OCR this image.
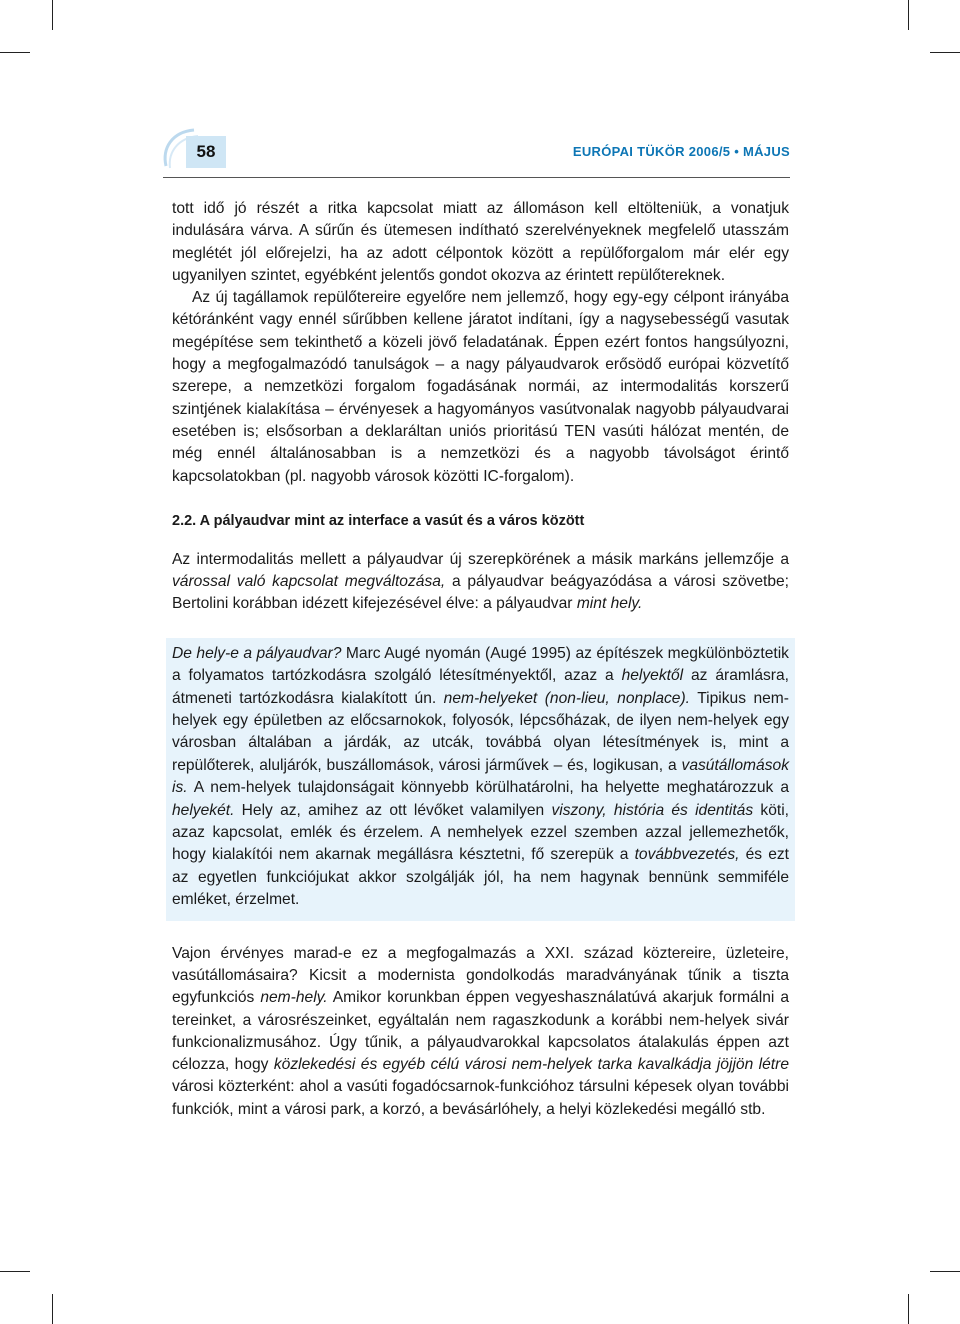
58	EURÓPAI TÜKÖR 2006/5 • MÁJUS

tott idő jó részét a ritka kapcsolat miatt az állomáson kell eltölteniük, a vonatjuk indulására várva. A sűrűn és ütemesen indítható szerelvényeknek megfelelő utasszám meglétét jól előrejelzi, ha az adott célpontok között a repülőforgalom már elér egy ugyanilyen szintet, egyébként jelentős gondot okozva az érintett repülőtereknek.

Az új tagállamok repülőtereire egyelőre nem jellemző, hogy egy-egy célpont irányába kétóránként vagy ennél sűrűbben kellene járatot indítani, így a nagysebességű vasutak megépítése sem tekinthető a közeli jövő feladatának. Éppen ezért fontos hangsúlyozni, hogy a megfogalmazódó tanulságok – a nagy pályaudvarok erősödő európai közvetítő szerepe, a nemzetközi forgalom fogadásának normái, az intermodalitás korszerű szintjének kialakítása – érvényesek a hagyományos vasútvonalak nagyobb pályaudvarai esetében is; elsősorban a deklaráltan uniós prioritású TEN vasúti hálózat mentén, de még ennél általánosabban is a nemzetközi és a nagyobb távolságot érintő kapcsolatokban (pl. nagyobb városok közötti IC-forgalom).

2.2. A pályaudvar mint az interface a vasút és a város között

Az intermodalitás mellett a pályaudvar új szerepkörének a másik markáns jellemzője a várossal való kapcsolat megváltozása, a pályaudvar beágyazódása a városi szövetbe; Bertolini korábban idézett kifejezésével élve: a pályaudvar mint hely.

De hely-e a pályaudvar? Marc Augé nyomán (Augé 1995) az építészek megkülönböztetik a folyamatos tartózkodásra szolgáló létesítményektől, azaz a helyektől az áramlásra, átmeneti tartózkodásra kialakított ún. nem-helyeket (non-lieu, nonplace). Tipikus nem-helyek egy épületben az előcsarnokok, folyosók, lépcsőházak, de ilyen nem-helyek egy városban általában a járdák, az utcák, továbbá olyan létesítmények is, mint a repülőterek, aluljárók, buszállomások, városi járművek – és, logikusan, a vasútállomások is. A nem-helyek tulajdonságait könnyebb körülhatárolni, ha helyette meghatározzuk a helyekét. Hely az, amihez az ott lévőket valamilyen viszony, história és identitás köti, azaz kapcsolat, emlék és érzelem. A nemhelyek ezzel szemben azzal jellemezhetők, hogy kialakítói nem akarnak megállásra késztetni, fő szerepük a továbbvezetés, és ezt az egyetlen funkciójukat akkor szolgálják jól, ha nem hagynak bennünk semmiféle emléket, érzelmet.

Vajon érvényes marad-e ez a megfogalmazás a XXI. század köztereire, üzleteire, vasútállomásaira? Kicsit a modernista gondolkodás maradványának tűnik a tiszta egyfunkciós nem-hely. Amikor korunkban éppen vegyeshasználatúvá akarjuk formálni a tereinket, a városrészeinket, egyáltalán nem ragaszkodunk a korábbi nem-helyek sivár funkcionalizmusához. Úgy tűnik, a pályaudvarokkal kapcsolatos átalakulás éppen azt célozza, hogy közlekedési és egyéb célú városi nem-helyek tarka kavalkádja jöjjön létre városi közterként: ahol a vasúti fogadócsarnok-funkcióhoz társulni képesek olyan további funkciók, mint a városi park, a korzó, a bevásárlóhely, a helyi közlekedési megálló stb.
